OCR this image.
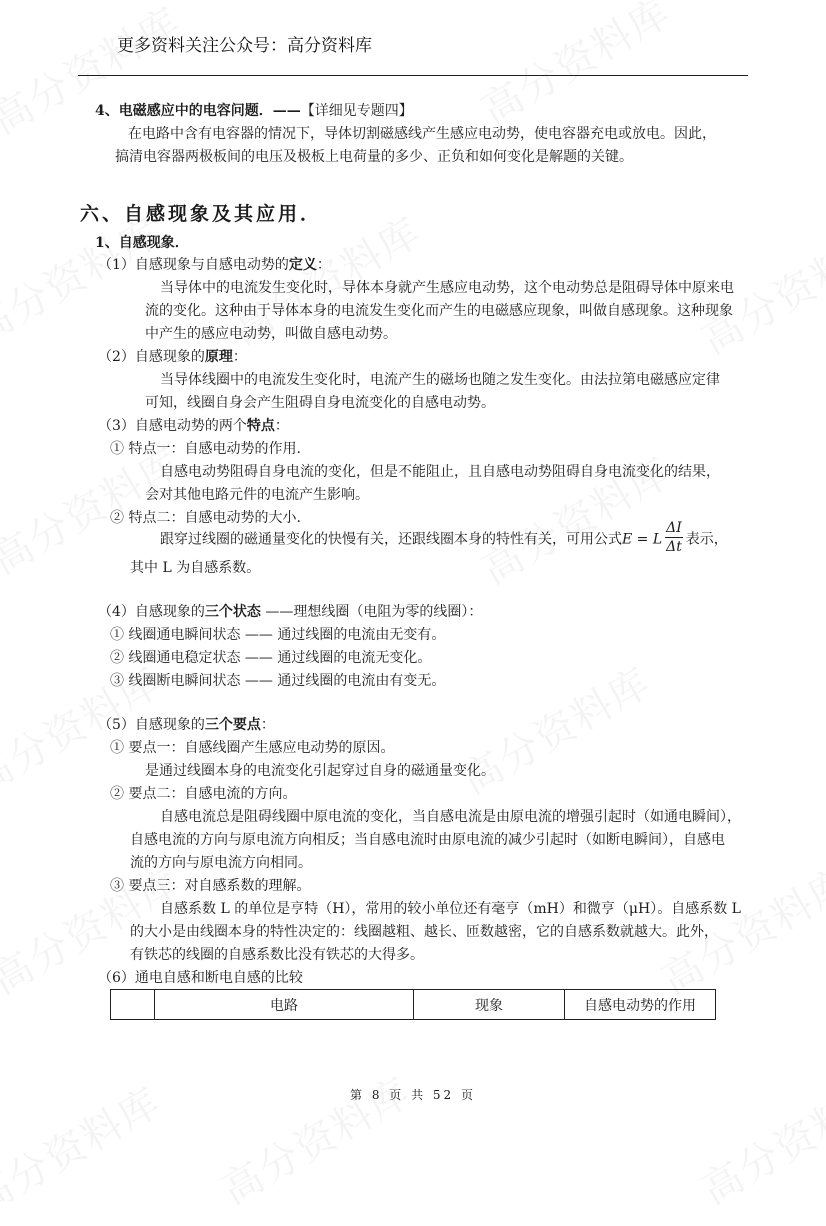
更多资料关注公众号：高分资料库
4、电磁感应中的电容问题．——【详细见专题四】
在电路中含有电容器的情况下，导体切割磁感线产生感应电动势，使电容器充电或放电。因此，
搞清电容器两极板间的电压及极板上电荷量的多少、正负和如何变化是解题的关键。
六、自感现象及其应用．
1、自感现象．
（1）自感现象与自感电动势的定义：
当导体中的电流发生变化时，导体本身就产生感应电动势，这个电动势总是阻碍导体中原来电
流的变化。这种由于导体本身的电流发生变化而产生的电磁感应现象，叫做自感现象。这种现象
中产生的感应电动势，叫做自感电动势。
（2）自感现象的原理：
当导体线圈中的电流发生变化时，电流产生的磁场也随之发生变化。由法拉第电磁感应定律
可知，线圈自身会产生阻碍自身电流变化的自感电动势。
（3）自感电动势的两个特点：
① 特点一：自感电动势的作用.
自感电动势阻碍自身电流的变化，但是不能阻止，且自感电动势阻碍自身电流变化的结果，
会对其他电路元件的电流产生影响。
② 特点二：自感电动势的大小.
跟穿过线圈的磁通量变化的快慢有关，还跟线圈本身的特性有关，可用公式E = L $\frac{\Delta I}{\Delta t}$ 表示，
其中 L 为自感系数。
（4）自感现象的三个状态 ——理想线圈（电阻为零的线圈）：
① 线圈通电瞬间状态 —— 通过线圈的电流由无变有。
② 线圈通电稳定状态 —— 通过线圈的电流无变化。
③ 线圈断电瞬间状态 —— 通过线圈的电流由有变无。
（5）自感现象的三个要点：
① 要点一：自感线圈产生感应电动势的原因。
是通过线圈本身的电流变化引起穿过自身的磁通量变化。
② 要点二：自感电流的方向。
自感电流总是阻碍线圈中原电流的变化，当自感电流是由原电流的增强引起时（如通电瞬间），
自感电流的方向与原电流方向相反；当自感电流时由原电流的减少引起时（如断电瞬间），自感电
流的方向与原电流方向相同。
③ 要点三：对自感系数的理解。
自感系数 L 的单位是亨特（H），常用的较小单位还有毫亨（mH）和微亨（μH）。自感系数 L
的大小是由线圈本身的特性决定的：线圈越粗、越长、匝数越密，它的自感系数就越大。此外，
有铁芯的线圈的自感系数比没有铁芯的大得多。
（6）通电自感和断电自感的比较
	电路	现象	自感电动势的作用
第 8 页 共 52 页
